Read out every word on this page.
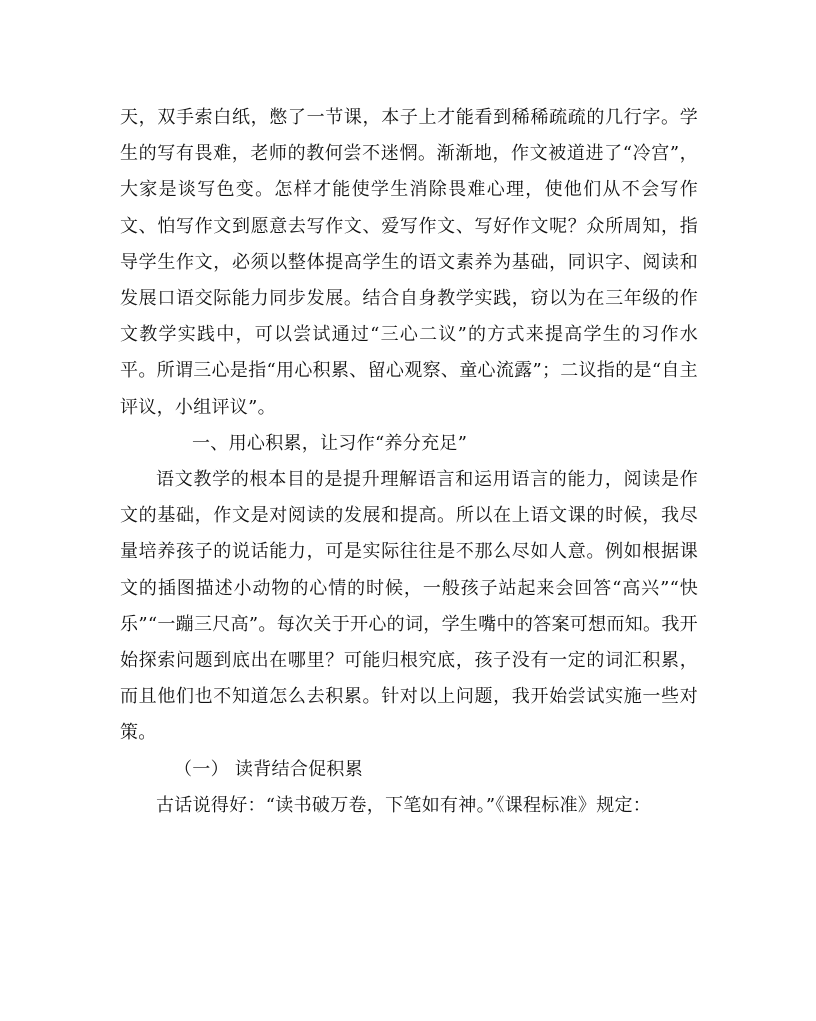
天，双手索白纸，憋了一节课，本子上才能看到稀稀疏疏的几行字。学生的写有畏难，老师的教何尝不迷惘。渐渐地，作文被道进了“冷宫”，大家是谈写色变。怎样才能使学生消除畏难心理，使他们从不会写作文、怕写作文到愿意去写作文、爱写作文、写好作文呢？众所周知，指导学生作文，必须以整体提高学生的语文素养为基础，同识字、阅读和发展口语交际能力同步发展。结合自身教学实践，窃以为在三年级的作文教学实践中，可以尝试通过“三心二议”的方式来提高学生的习作水平。所谓三心是指“用心积累、留心观察、童心流露”；二议指的是“自主评议，小组评议”。

一、用心积累，让习作“养分充足”

语文教学的根本目的是提升理解语言和运用语言的能力，阅读是作文的基础，作文是对阅读的发展和提高。所以在上语文课的时候，我尽量培养孩子的说话能力，可是实际往往是不那么尽如人意。例如根据课文的插图描述小动物的心情的时候，一般孩子站起来会回答“高兴”“快乐”“一蹦三尺高”。每次关于开心的词，学生嘴中的答案可想而知。我开始探索问题到底出在哪里？可能归根究底，孩子没有一定的词汇积累，而且他们也不知道怎么去积累。针对以上问题，我开始尝试实施一些对策。

（一） 读背结合促积累

古话说得好：“读书破万卷，下笔如有神。”《课程标准》规定：
